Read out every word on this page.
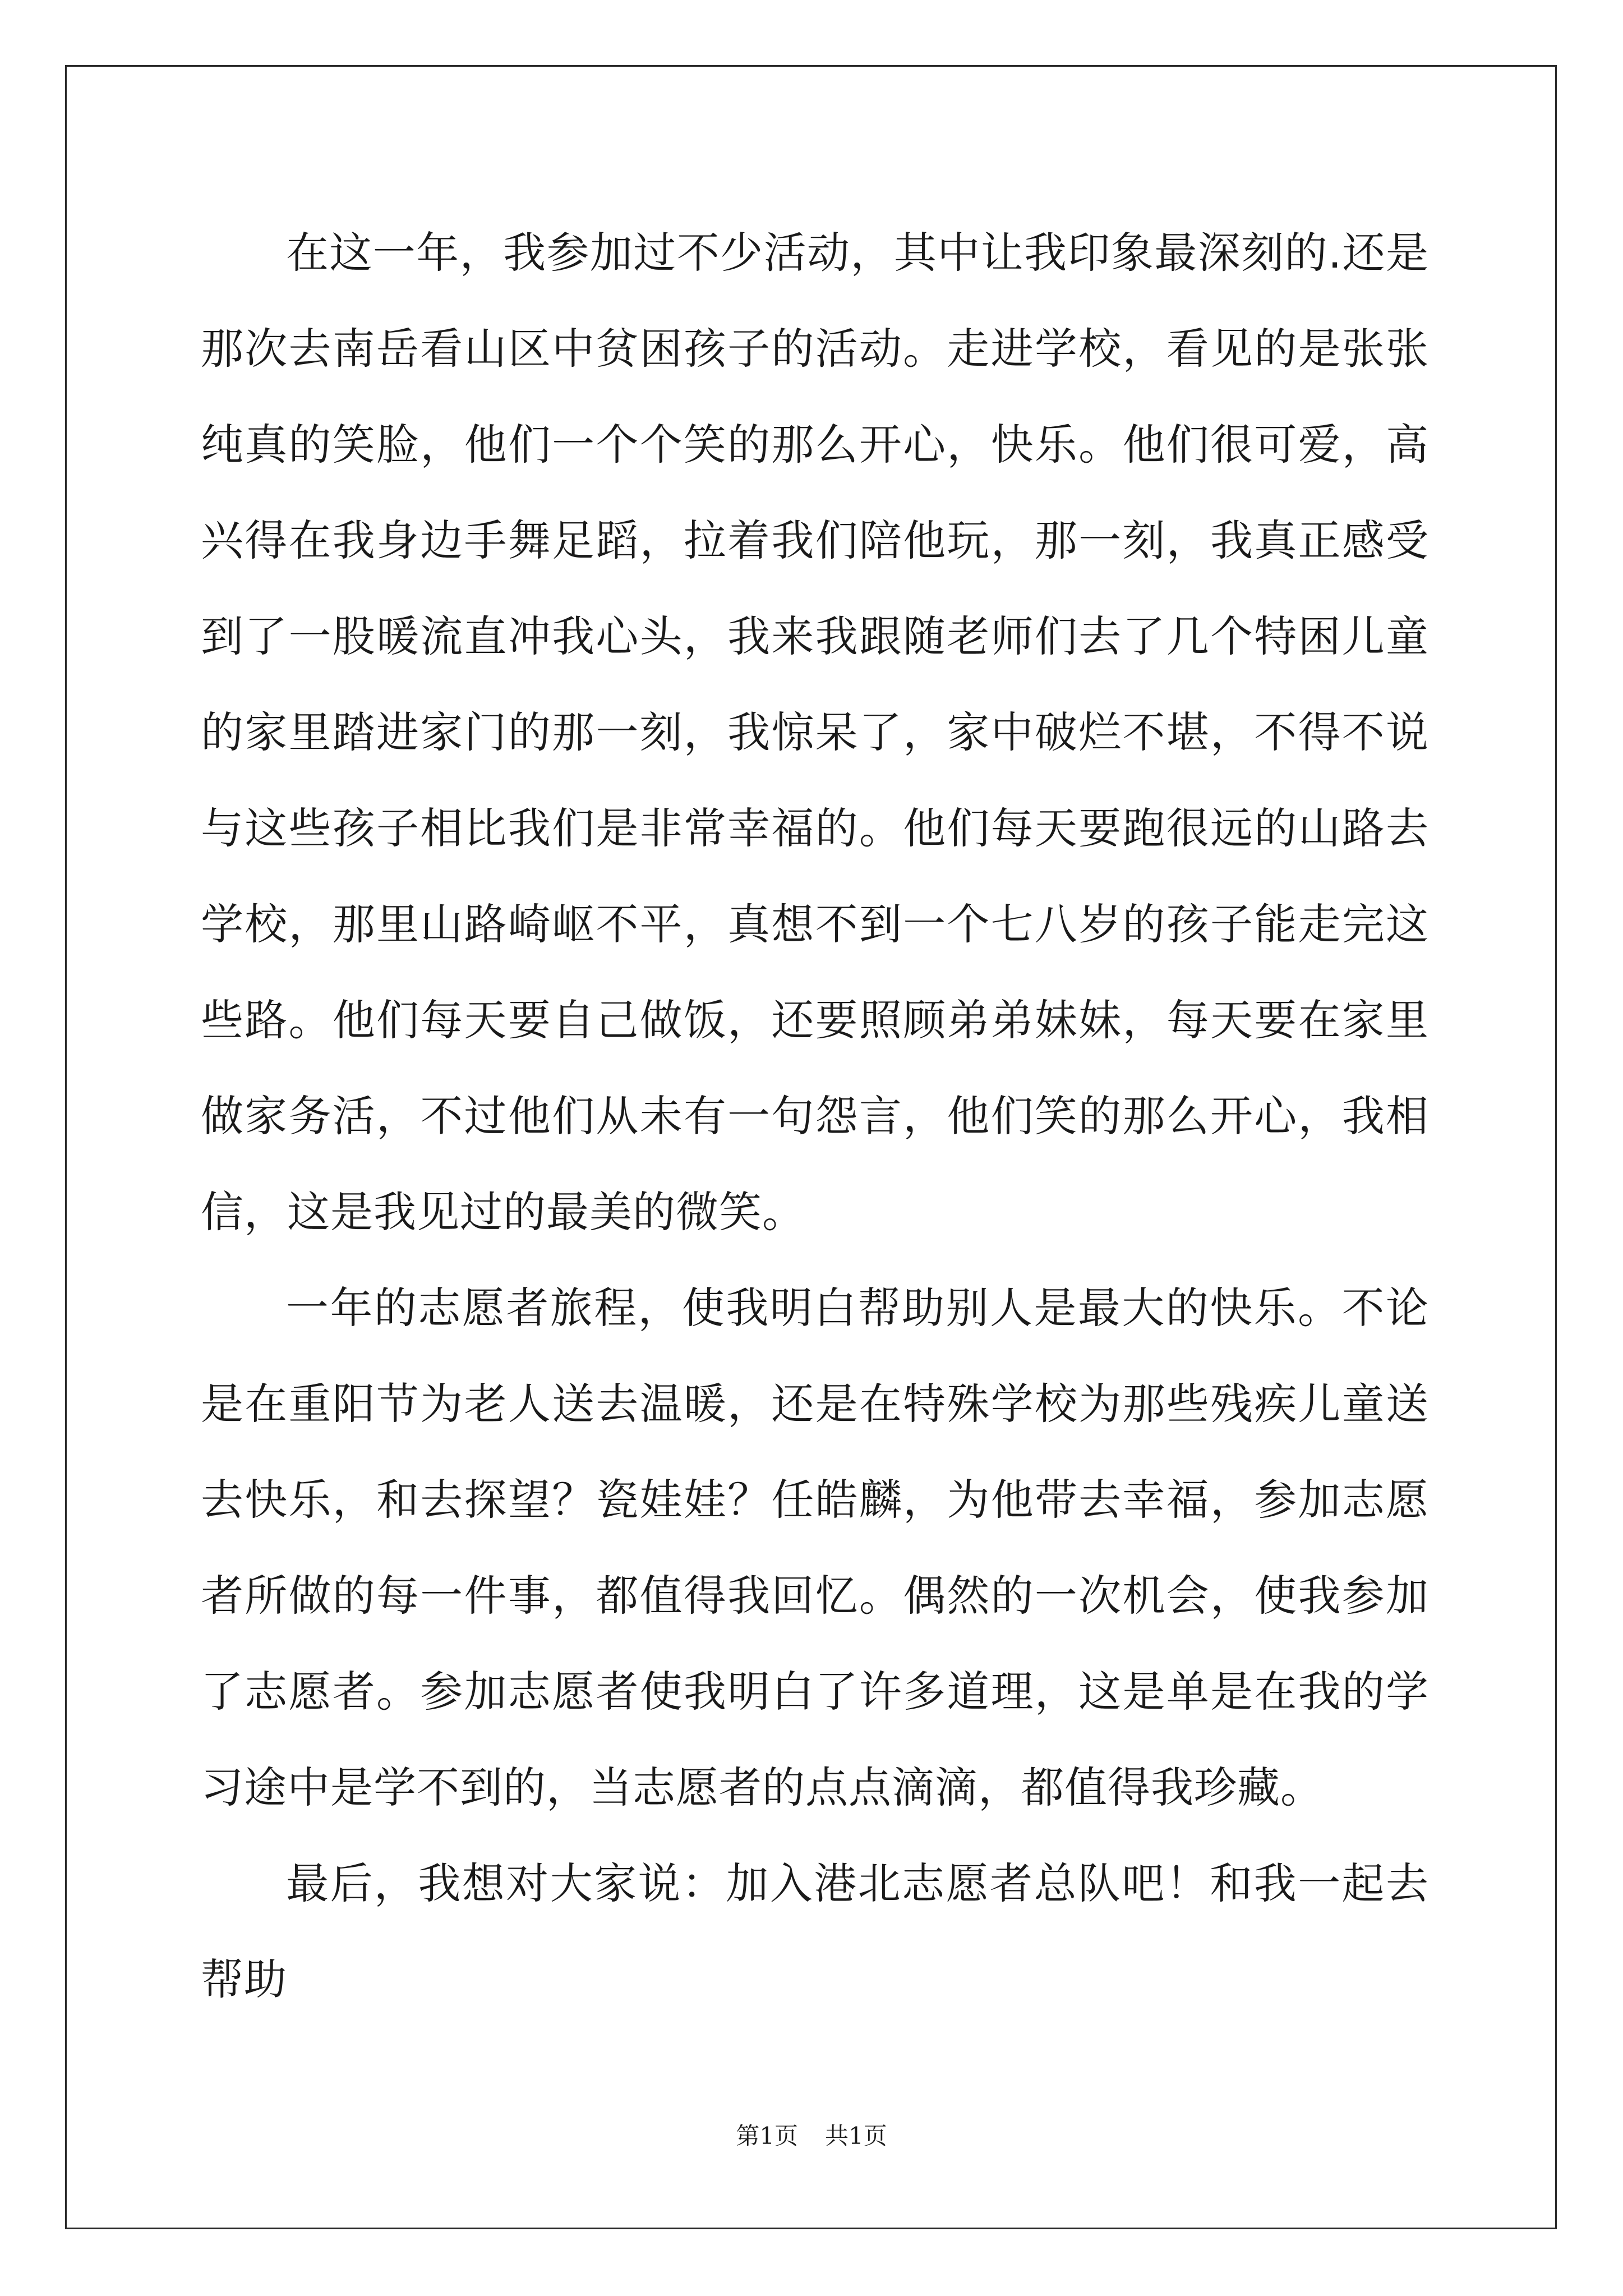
在这一年，我参加过不少活动，其中让我印象最深刻的.还是那次去南岳看山区中贫困孩子的活动。走进学校，看见的是张张纯真的笑脸，他们一个个笑的那么开心，快乐。他们很可爱，高兴得在我身边手舞足蹈，拉着我们陪他玩，那一刻，我真正感受到了一股暖流直冲我心头，我来我跟随老师们去了几个特困儿童的家里踏进家门的那一刻，我惊呆了，家中破烂不堪，不得不说与这些孩子相比我们是非常幸福的。他们每天要跑很远的山路去学校，那里山路崎岖不平，真想不到一个七八岁的孩子能走完这些路。他们每天要自己做饭，还要照顾弟弟妹妹，每天要在家里做家务活，不过他们从未有一句怨言，他们笑的那么开心，我相信，这是我见过的最美的微笑。

一年的志愿者旅程，使我明白帮助别人是最大的快乐。不论是在重阳节为老人送去温暖，还是在特殊学校为那些残疾儿童送去快乐，和去探望？瓷娃娃？任皓麟，为他带去幸福，参加志愿者所做的每一件事，都值得我回忆。偶然的一次机会，使我参加了志愿者。参加志愿者使我明白了许多道理，这是单是在我的学习途中是学不到的，当志愿者的点点滴滴，都值得我珍藏。

最后，我想对大家说：加入港北志愿者总队吧！和我一起去帮助

第1页 共1页
